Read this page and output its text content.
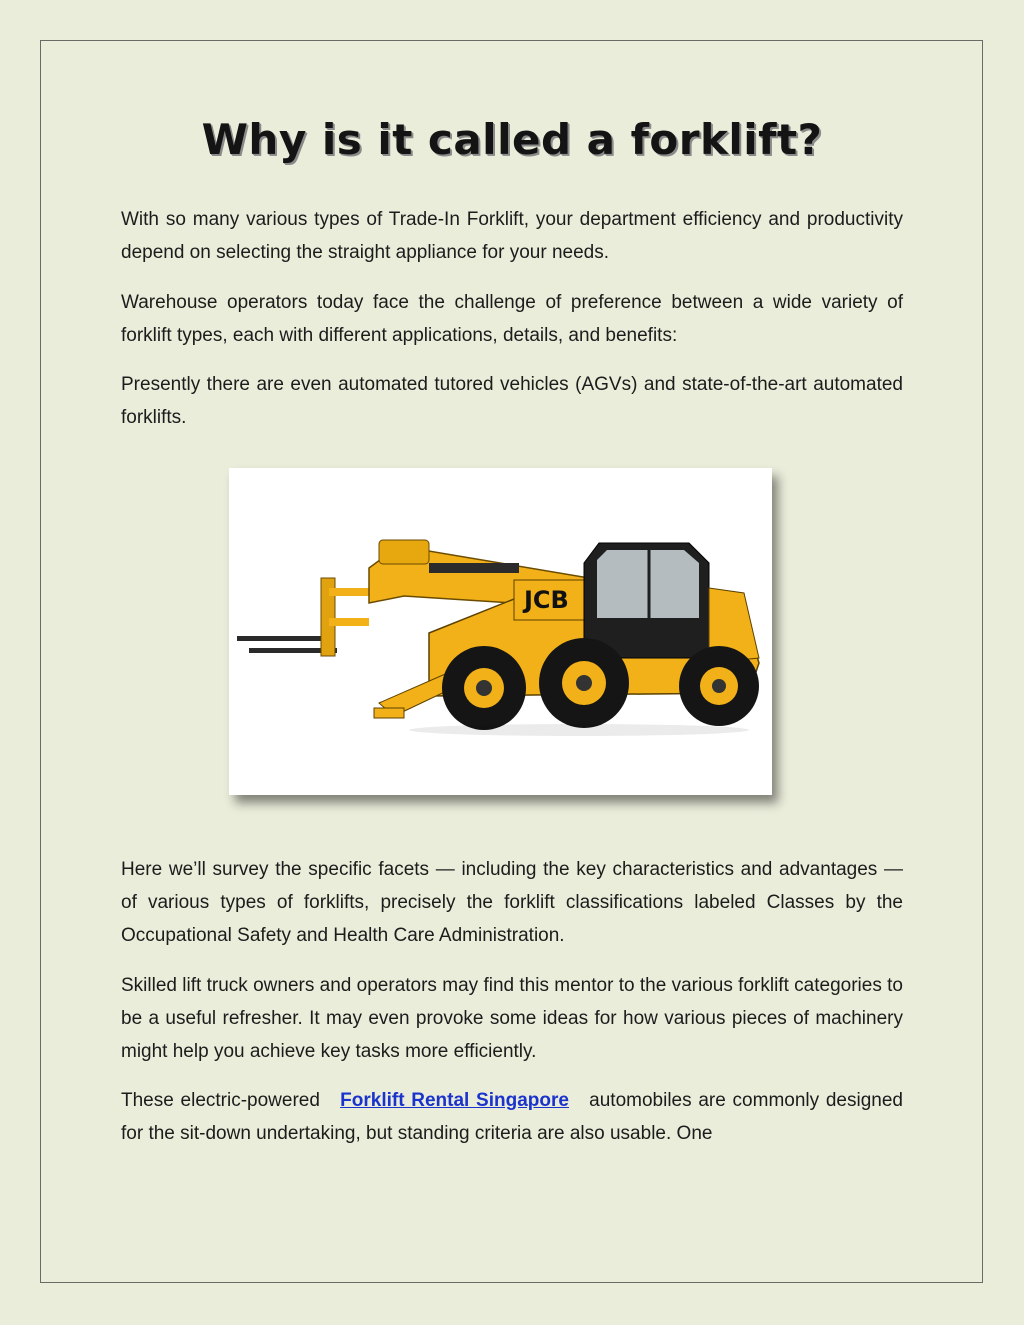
Why is it called a forklift?

With so many various types of Trade-In Forklift, your department efficiency and productivity depend on selecting the straight appliance for your needs.

Warehouse operators today face the challenge of preference between a wide variety of forklift types, each with different applications, details, and benefits:

Presently there are even automated tutored vehicles (AGVs) and state-of-the-art automated forklifts.

JCB

Here we’ll survey the specific facets — including the key characteristics and advantages — of various types of forklifts, precisely the forklift classifications labeled Classes by the Occupational Safety and Health Care Administration.

Skilled lift truck owners and operators may find this mentor to the various forklift categories to be a useful refresher. It may even provoke some ideas for how various pieces of machinery might help you achieve key tasks more efficiently.

These electric-powered Forklift Rental Singapore automobiles are commonly designed for the sit-down undertaking, but standing criteria are also usable. One
